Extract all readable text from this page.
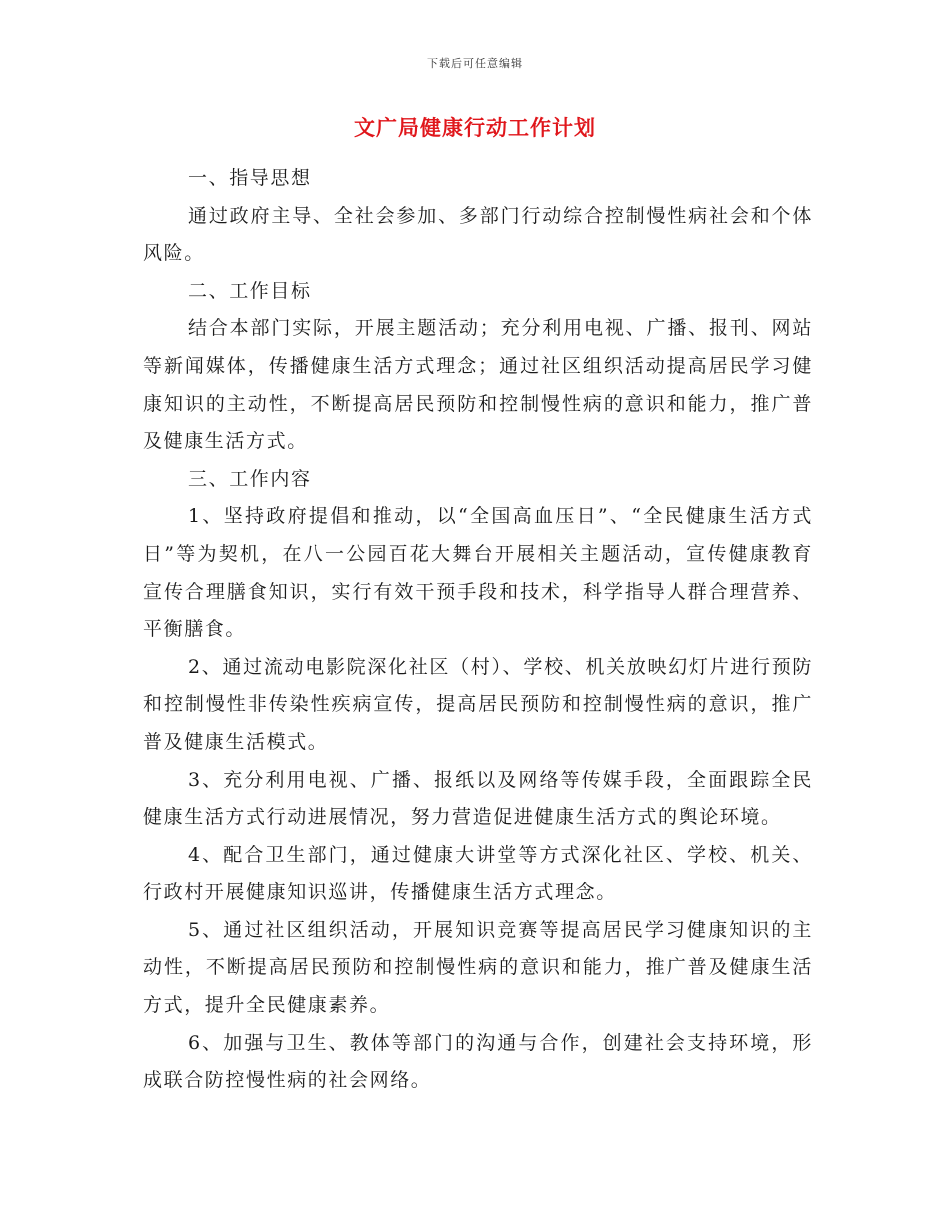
下载后可任意编辑
文广局健康行动工作计划

一、指导思想

通过政府主导、全社会参加、多部门行动综合控制慢性病社会和个体风险。

二、工作目标

结合本部门实际，开展主题活动；充分利用电视、广播、报刊、网站等新闻媒体，传播健康生活方式理念；通过社区组织活动提高居民学习健康知识的主动性，不断提高居民预防和控制慢性病的意识和能力，推广普及健康生活方式。

三、工作内容

1、坚持政府提倡和推动，以“全国高血压日”、“全民健康生活方式日”等为契机，在八一公园百花大舞台开展相关主题活动，宣传健康教育宣传合理膳食知识，实行有效干预手段和技术，科学指导人群合理营养、平衡膳食。

2、通过流动电影院深化社区（村）、学校、机关放映幻灯片进行预防和控制慢性非传染性疾病宣传，提高居民预防和控制慢性病的意识，推广普及健康生活模式。

3、充分利用电视、广播、报纸以及网络等传媒手段，全面跟踪全民健康生活方式行动进展情况，努力营造促进健康生活方式的舆论环境。

4、配合卫生部门，通过健康大讲堂等方式深化社区、学校、机关、行政村开展健康知识巡讲，传播健康生活方式理念。

5、通过社区组织活动，开展知识竞赛等提高居民学习健康知识的主动性，不断提高居民预防和控制慢性病的意识和能力，推广普及健康生活方式，提升全民健康素养。

6、加强与卫生、教体等部门的沟通与合作，创建社会支持环境，形成联合防控慢性病的社会网络。
